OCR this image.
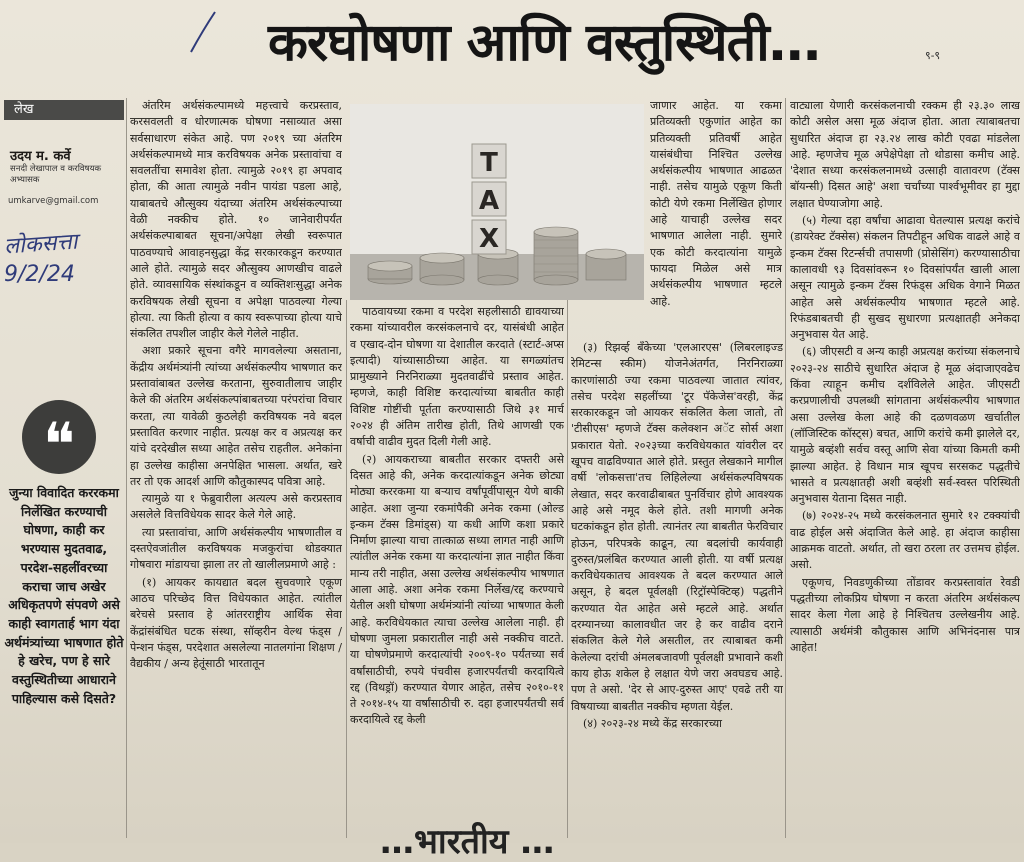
करघोषणा आणि वस्तुस्थिती…	९-९
लेख
उदय म. कर्वे
सनदी लेखापाल व करविषयक अभ्यासक
umkarve@gmail.com
लोकसत्ता
9/2/24
❝
जुन्या विवादित कररकमा निर्लेखित करण्याची घोषणा, काही कर भरण्यास मुदतवाढ, परदेश-सहलींवरच्या कराचा जाच अखेर अधिकृतपणे संपवणे असे काही स्वागतार्ह भाग यंदा अर्थमंत्र्यांच्या भाषणात होते हे खरेच, पण हे सारे वस्तुस्थितीच्या आधाराने पाहिल्यास कसे दिसते?

अंतरिम अर्थसंकल्पामध्ये महत्त्वाचे करप्रस्ताव, करसवलती व धोरणात्मक घोषणा नसाव्यात असा सर्वसाधारण संकेत आहे. पण २०१९ च्या अंतरिम अर्थसंकल्पामध्ये मात्र करविषयक अनेक प्रस्तावांचा व सवलतींचा समावेश होता. त्यामुळे २०१९ हा अपवाद होता, की आता त्यामुळे नवीन पायंडा पडला आहे, याबाबतचे औत्सुक्य यंदाच्या अंतरिम अर्थसंकल्पाच्या वेळी नक्कीच होते. १० जानेवारीपर्यंत अर्थसंकल्पाबाबत सूचना/अपेक्षा लेखी स्वरूपात पाठवण्याचे आवाहनसुद्धा केंद्र सरकारकडून करण्यात आले होते. त्यामुळे सदर औत्सुक्य आणखीच वाढले होते. व्यावसायिक संस्थांकडून व व्यक्तिशःसुद्धा अनेक करविषयक लेखी सूचना व अपेक्षा पाठवल्या गेल्या होत्या. त्या किती होत्या व काय स्वरूपाच्या होत्या याचे संकलित तपशील जाहीर केले गेलेले नाहीत.

अशा प्रकारे सूचना वगैरे मागवलेल्या असताना, केंद्रीय अर्थमंत्र्यांनी त्यांच्या अर्थसंकल्पीय भाषणात कर प्रस्तावांबाबत उल्लेख करताना, सुरुवातीलाच जाहीर केले की अंतरिम अर्थसंकल्पांबाबतच्या परंपरांचा विचार करता, त्या यावेळी कुठलेही करविषयक नवे बदल प्रस्तावित करणार नाहीत. प्रत्यक्ष कर व अप्रत्यक्ष कर यांचे दरदेखील सध्या आहेत तसेच राहतील. अनेकांना हा उल्लेख काहीसा अनपेक्षित भासला. अर्थात, खरे तर तो एक आदर्श आणि कौतुकास्पद पवित्रा आहे.

त्यामुळे या १ फेब्रुवारीला अत्यल्प असे करप्रस्ताव असलेले वित्तविधेयक सादर केले गेले आहे.

त्या प्रस्तावांचा, आणि अर्थसंकल्पीय भाषणातील व दस्तऐवजांतील करविषयक मजकुरांचा थोडक्यात गोषवारा मांडायचा झाला तर तो खालीलप्रमाणे आहे :

(१) आयकर कायद्यात बदल सुचवणारे एकूण आठच परिच्छेद वित्त विधेयकात आहेत. त्यांतील बरेचसे प्रस्ताव हे आंतरराष्ट्रीय आर्थिक सेवा केंद्रांसंबंधित घटक संस्था, सॉव्हरीन वेल्थ फंड्स / पेन्शन फंड्स, परदेशात असलेल्या नातलगांना शिक्षण / वैद्यकीय / अन्य हेतूंसाठी भारतातून

TAX
जाणार आहेत. या रकमा प्रतिव्यक्ती एकुणांत आहेत का प्रतिव्यक्ती प्रतिवर्षी आहेत यासंबंधीचा निश्चित उल्लेख अर्थसंकल्पीय भाषणात आढळत नाही. तसेच यामुळे एकूण किती कोटी येणे रकमा निर्लेखित होणार आहे याचाही उल्लेख सदर भाषणात आलेला नाही. सुमारे एक कोटी करदात्यांना यामुळे फायदा मिळेल असे मात्र अर्थसंकल्पीय भाषणात म्हटले आहे.

पाठवायच्या रकमा व परदेश सहलीसाठी द्यावयाच्या रकमा यांच्यावरील करसंकलनाचे दर, यासंबंधी आहेत व एखाद-दोन घोषणा या देशातील करदाते (स्टार्ट-अप्स इत्यादी) यांच्यासाठीच्या आहेत. या सगळ्यांतच प्रामुख्याने निरनिराळ्या मुदतवाढींचे प्रस्ताव आहेत. म्हणजे, काही विशिष्ट करदात्यांच्या बाबतीत काही विशिष्ट गोष्टींची पूर्तता करण्यासाठी जिथे ३१ मार्च २०२४ ही अंतिम तारीख होती, तिथे आणखी एक वर्षाची वाढीव मुदत दिली गेली आहे.

(२) आयकराच्या बाबतीत सरकार दफ्तरी असे दिसत आहे की, अनेक करदात्यांकडून अनेक छोट्या मोठ्या कररकमा या बऱ्याच वर्षांपूर्वीपासून येणे बाकी आहेत. अशा जुन्या रकमांपैकी अनेक रकमा (ओल्ड इन्कम टॅक्स डिमांड्स) या कधी आणि कशा प्रकारे निर्माण झाल्या याचा तात्काळ सध्या लागत नाही आणि त्यांतील अनेक रकमा या करदात्यांना ज्ञात नाहीत किंवा मान्य तरी नाहीत, असा उल्लेख अर्थसंकल्पीय भाषणात आला आहे. अशा अनेक रकमा निर्लेख/रद्द करण्याचे येतील अशी घोषणा अर्थमंत्र्यांनी त्यांच्या भाषणात केली आहे. करविधेयकात त्याचा उल्लेख आलेला नाही. ही घोषणा जुमला प्रकारातील नाही असे नक्कीच वाटते. या घोषणेप्रमाणे करदात्यांची २००९-१० पर्यंतच्या सर्व वर्षांसाठीची, रुपये पंचवीस हजारपर्यंतची करदायित्वे रद्द (विथड्रॉ) करण्यात येणार आहेत, तसेच २०१०-११ ते २०१४-१५ या वर्षांसाठीची रु. दहा हजारपर्यंतची सर्व करदायित्वे रद्द केली

(३) रिझर्व्ह बँकेच्या 'एलआरएस' (लिबरलाइज्ड रेमिटन्स स्कीम) योजनेअंतर्गत, निरनिराळ्या कारणांसाठी ज्या रकमा पाठवल्या जातात त्यांवर, तसेच परदेश सहलींच्या 'टूर पॅकेजेस'वरही, केंद्र सरकारकडून जो आयकर संकलित केला जातो, तो 'टीसीएस' म्हणजे टॅक्स कलेक्शन अॅट सोर्स अशा प्रकारात येतो. २०२३च्या करविधेयकात यांवरील दर खूपच वाढविण्यात आले होते. प्रस्तुत लेखकाने मागील वर्षी 'लोकसत्ता'तच लिहिलेल्या अर्थसंकल्पविषयक लेखात, सदर करवाढीबाबत पुनर्विचार होणे आवश्यक आहे असे नमूद केले होते. तशी मागणी अनेक घटकांकडून होत होती. त्यानंतर त्या बाबतीत फेरविचार होऊन, परिपत्रके काढून, त्या बदलांची कार्यवाही दुरुस्त/प्रलंबित करण्यात आली होती. या वर्षी प्रत्यक्ष करविधेयकातच आवश्यक ते बदल करण्यात आले असून, हे बदल पूर्वलक्षी (रिट्रॉस्पेक्टिव्ह) पद्धतीने करण्यात येत आहेत असे म्हटले आहे. अर्थात दरम्यानच्या कालावधीत जर हे कर वाढीव दराने संकलित केले गेले असतील, तर त्याबाबत कमी केलेल्या दरांची अंमलबजावणी पूर्वलक्षी प्रभावाने कशी काय होऊ शकेल हे लक्षात येणे जरा अवघडच आहे. पण ते असो. 'देर से आए-दुरुस्त आए' एवढे तरी या विषयाच्या बाबतीत नक्कीच म्हणता येईल.

(४) २०२३-२४ मध्ये केंद्र सरकारच्या

वाट्याला येणारी करसंकलनाची रक्कम ही २३.३० लाख कोटी असेल असा मूळ अंदाज होता. आता त्याबाबतचा सुधारित अंदाज हा २३.२४ लाख कोटी एवढा मांडलेला आहे. म्हणजेच मूळ अपेक्षेपेक्षा तो थोडासा कमीच आहे. 'देशात सध्या करसंकलनामध्ये उत्साही वातावरण (टॅक्स बॉयन्सी) दिसत आहे' अशा चर्चांच्या पार्श्वभूमीवर हा मुद्दा लक्षात घेण्याजोगा आहे.

(५) गेल्या दहा वर्षांचा आढावा घेतल्यास प्रत्यक्ष करांचे (डायरेक्ट टॅक्सेस) संकलन तिपटीहून अधिक वाढले आहे व इन्कम टॅक्स रिटर्न्सची तपासणी (प्रोसेसिंग) करण्यासाठीचा कालावधी ९३ दिवसांवरून १० दिवसांपर्यंत खाली आला असून त्यामुळे इन्कम टॅक्स रिफंड्स अधिक वेगाने मिळत आहेत असे अर्थसंकल्पीय भाषणात म्हटले आहे. रिफंडबाबतची ही सुखद सुधारणा प्रत्यक्षातही अनेकदा अनुभवास येत आहे.

(६) जीएसटी व अन्य काही अप्रत्यक्ष करांच्या संकलनाचे २०२३-२४ साठीचे सुधारित अंदाज हे मूळ अंदाजाएवढेच किंवा त्याहून कमीच दर्शविलेले आहेत. जीएसटी करप्रणालीची उपलब्धी सांगताना अर्थसंकल्पीय भाषणात असा उल्लेख केला आहे की दळणवळण खर्चातील (लॉजिस्टिक कॉस्ट्स) बचत, आणि करांचे कमी झालेले दर, यामुळे बव्हंशी सर्वच वस्तू आणि सेवा यांच्या किमती कमी झाल्या आहेत. हे विधान मात्र खूपच सरसकट पद्धतीचे भासते व प्रत्यक्षातही अशी बव्हंशी सर्व-स्वस्त परिस्थिती अनुभवास येताना दिसत नाही.

(७) २०२४-२५ मध्ये करसंकलनात सुमारे १२ टक्क्यांची वाढ होईल असे अंदाजित केले आहे. हा अंदाज काहीसा आक्रमक वाटतो. अर्थात, तो खरा ठरला तर उत्तमच होईल. असो.

एकूणच, निवडणुकीच्या तोंडावर करप्रस्तावांत रेवडी पद्धतीच्या लोकप्रिय घोषणा न करता अंतरिम अर्थसंकल्प सादर केला गेला आहे हे निश्चितच उल्लेखनीय आहे. त्यासाठी अर्थमंत्री कौतुकास आणि अभिनंदनास पात्र आहेत!

…भारतीय …
